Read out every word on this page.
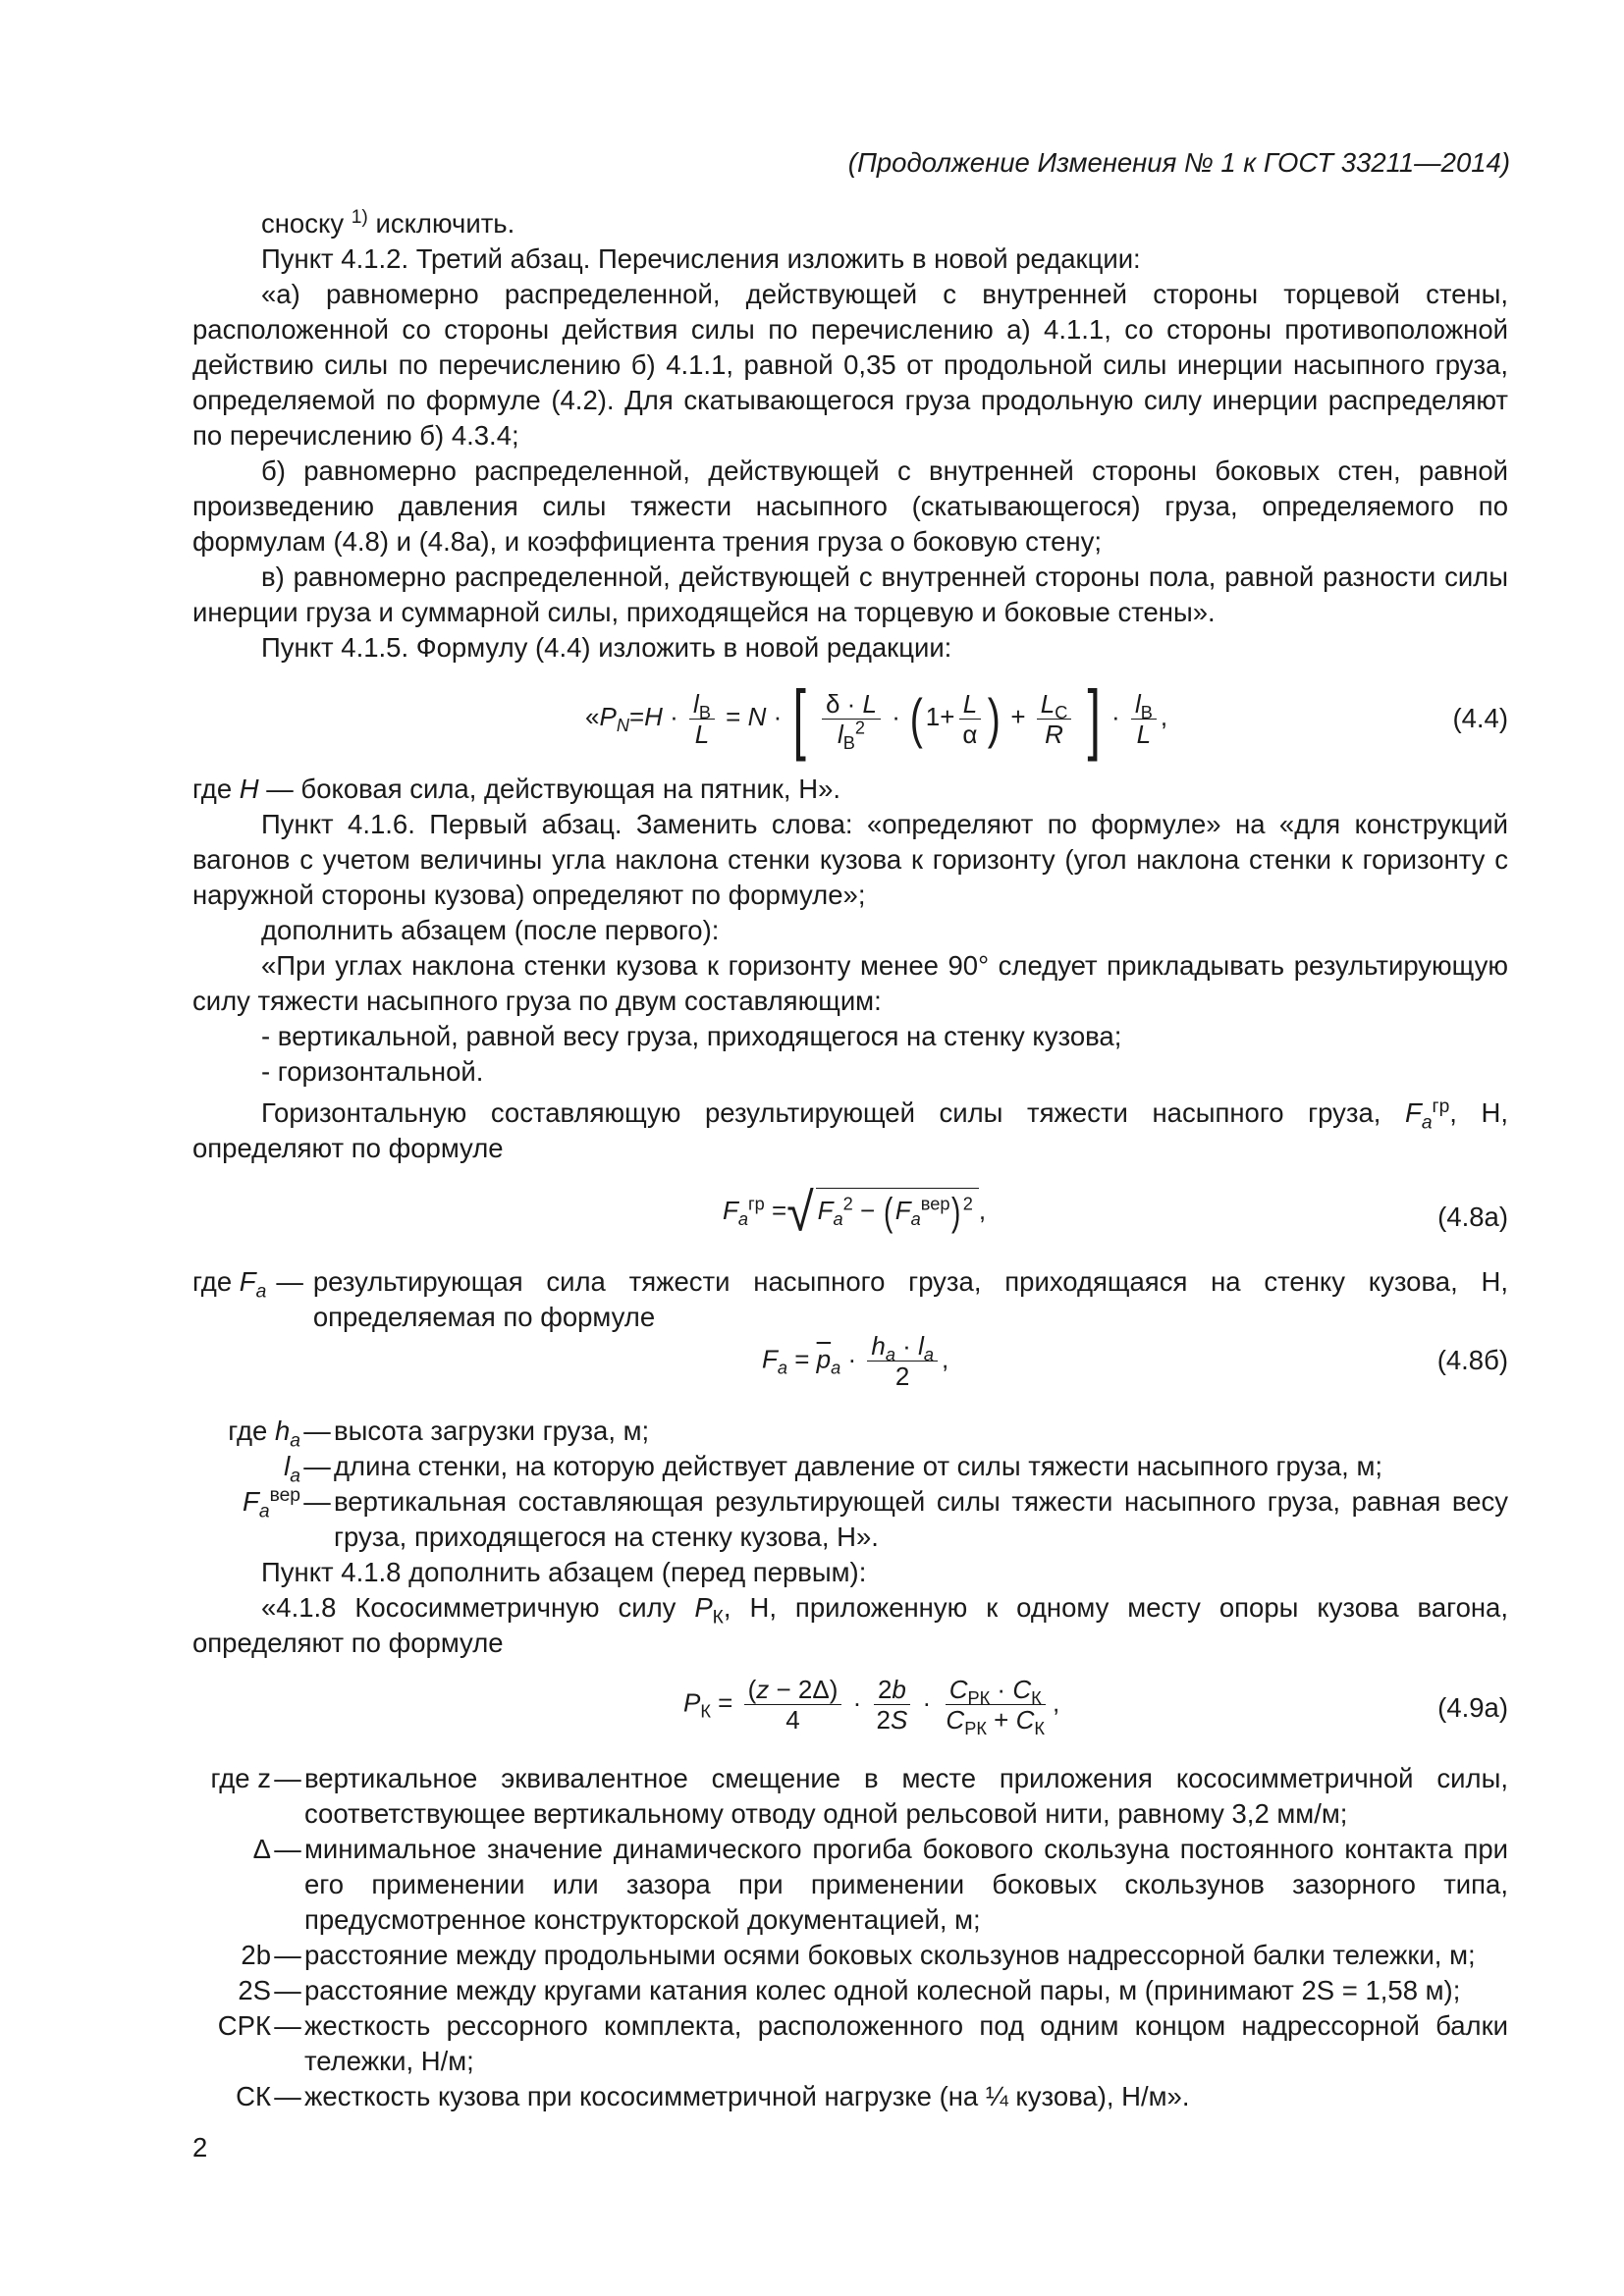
(Продолжение Изменения № 1 к ГОСТ 33211—2014)

сноску $^{1)}$ исключить.

Пункт 4.1.2. Третий абзац. Перечисления изложить в новой редакции:

«а) равномерно распределенной, действующей с внутренней стороны торцевой стены, расположенной со стороны действия силы по перечислению а) 4.1.1, со стороны противоположной действию силы по перечислению б) 4.1.1, равной 0,35 от продольной силы инерции насыпного груза, определяемой по формуле (4.2). Для скатывающегося груза продольную силу инерции распределяют по перечислению б) 4.3.4;

б) равномерно распределенной, действующей с внутренней стороны боковых стен, равной произведению давления силы тяжести насыпного (скатывающегося) груза, определяемого по формулам (4.8) и (4.8а), и коэффициента трения груза о боковую стену;

в) равномерно распределенной, действующей с внутренней стороны пола, равной разности силы инерции груза и суммарной силы, приходящейся на торцевую и боковые стены».

Пункт 4.1.5. Формулу (4.4) изложить в новой редакции:

«$P_N=H \cdot \frac{l_В}{L} = N$ · [ $\frac{\delta \cdot L}{l_В^2}$ · ( $1+ \frac{L}{\alpha}$ ) + $\frac{L_C}{R}$ ] · $\frac{l_В}{L}$ ,	(4.4)

где H — боковая сила, действующая на пятник, Н».

Пункт 4.1.6. Первый абзац. Заменить слова: «определяют по формуле» на «для конструкций вагонов с учетом величины угла наклона стенки кузова к горизонту (угол наклона стенки к горизонту с наружной стороны кузова) определяют по формуле»;

дополнить абзацем (после первого):

«При углах наклона стенки кузова к горизонту менее 90° следует прикладывать результирующую силу тяжести насыпного груза по двум составляющим:

- вертикальной, равной весу груза, приходящегося на стенку кузова;

- горизонтальной.

Горизонтальную составляющую результирующей силы тяжести насыпного груза, $F_a^{гр}$, Н, определяют по формуле

$F_a^{гр}$ =√ $F_a^2 - (F_a^{вер})$ $^2$ ,	(4.8а)
где $F_a$ — результирующая сила тяжести насыпного груза, приходящаяся на стенку кузова, Н, определяемая по формуле
$F_a = \overline{p}_a \cdot \frac{h_a \cdot l_a}{2}$ ,	(4.8б)
где $h_a$ — высота загрузки груза, м;
$l_a$ — длина стенки, на которую действует давление от силы тяжести насыпного груза, м;
$F_a^{вер}$ — вертикальная составляющая результирующей силы тяжести насыпного груза, равная весу груза, приходящегося на стенку кузова, Н».

Пункт 4.1.8 дополнить абзацем (перед первым):

«4.1.8 Кососимметричную силу $P_К$, Н, приложенную к одному месту опоры кузова вагона, определяют по формуле

$P_К = \frac{(z - 2\Delta)}{4} \cdot \frac{2b}{2S} \cdot \frac{C_{РК} \cdot C_К}{C_{РК} + C_К}$ ,	(4.9а)
где z — вертикальное эквивалентное смещение в месте приложения кососимметричной силы, соответствующее вертикальному отводу одной рельсовой нити, равному 3,2 мм/м;
Δ — минимальное значение динамического прогиба бокового скользуна постоянного контакта при его применении или зазора при применении боковых скользунов зазорного типа, предусмотренное конструкторской документацией, м;
2b — расстояние между продольными осями боковых скользунов надрессорной балки тележки, м;
2S — расстояние между кругами катания колес одной колесной пары, м (принимают 2S = 1,58 м);
CРК — жесткость рессорного комплекта, расположенного под одним концом надрессорной балки тележки, Н/м;
CК — жесткость кузова при кососимметричной нагрузке (на ¼ кузова), Н/м».
2
